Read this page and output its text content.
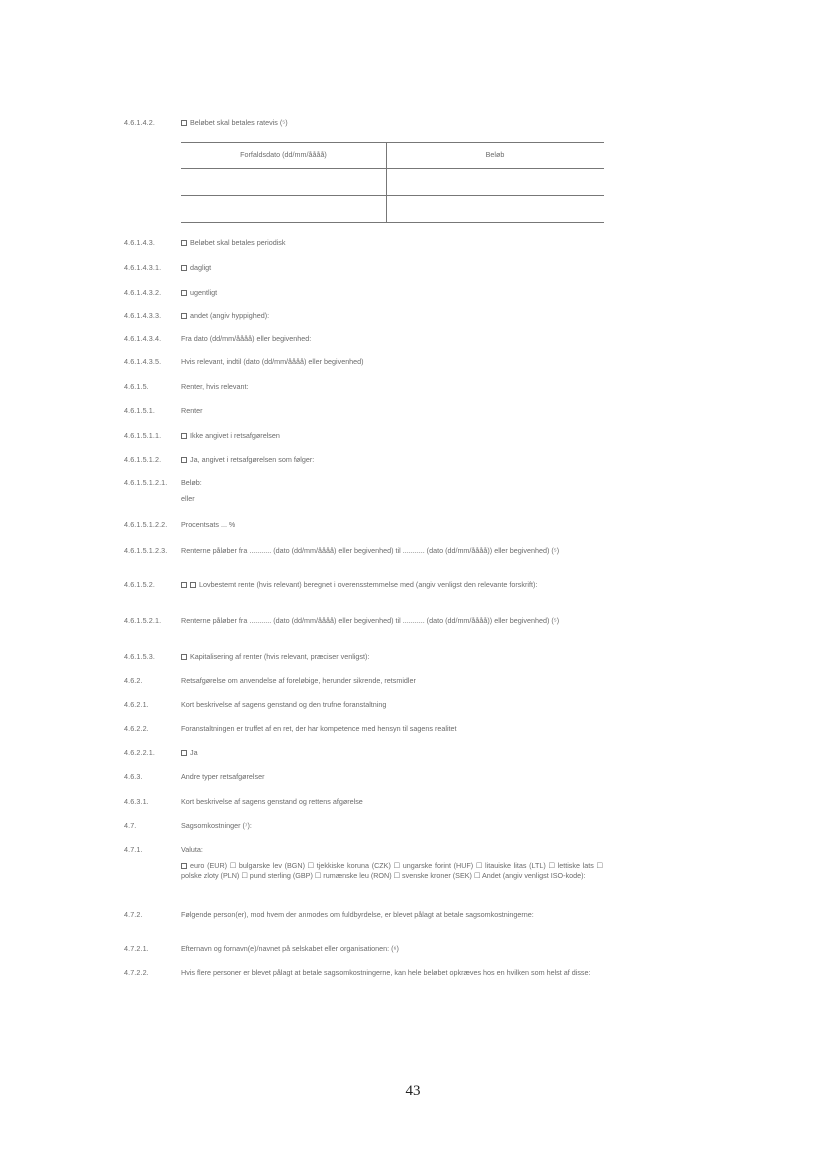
4.6.1.4.2.	Beløbet skal betales ratevis (⁵)
Forfaldsdato (dd/mm/åååå)	Beløb
4.6.1.4.3.	Beløbet skal betales periodisk
4.6.1.4.3.1.	dagligt
4.6.1.4.3.2.	ugentligt
4.6.1.4.3.3.	andet (angiv hyppighed):
4.6.1.4.3.4.	Fra dato (dd/mm/åååå) eller begivenhed:
4.6.1.4.3.5.	Hvis relevant, indtil (dato (dd/mm/åååå) eller begivenhed)
4.6.1.5.	Renter, hvis relevant:
4.6.1.5.1.	Renter
4.6.1.5.1.1.	Ikke angivet i retsafgørelsen
4.6.1.5.1.2.	Ja, angivet i retsafgørelsen som følger:
4.6.1.5.1.2.1. Beløb:
eller
4.6.1.5.1.2.2. Procentsats ... %
4.6.1.5.1.2.3. Renterne påløber fra ........... (dato (dd/mm/åååå) eller begivenhed) til ........... (dato (dd/mm/åååå)) eller begivenhed) (⁵)
4.6.1.5.2.	Lovbestemt rente (hvis relevant) beregnet i overensstemmelse med (angiv venligst den relevante forskrift):
4.6.1.5.2.1.	Renterne påløber fra ........... (dato (dd/mm/åååå) eller begivenhed) til ........... (dato (dd/mm/åååå)) eller begivenhed) (⁵)
4.6.1.5.3.	Kapitalisering af renter (hvis relevant, præciser venligst):
4.6.2.	Retsafgørelse om anvendelse af foreløbige, herunder sikrende, retsmidler
4.6.2.1.	Kort beskrivelse af sagens genstand og den trufne foranstaltning
4.6.2.2.	Foranstaltningen er truffet af en ret, der har kompetence med hensyn til sagens realitet
4.6.2.2.1.	Ja
4.6.3.	Andre typer retsafgørelser
4.6.3.1.	Kort beskrivelse af sagens genstand og rettens afgørelse
4.7.	Sagsomkostninger (⁷):
4.7.1.	Valuta:
euro (EUR) ☐ bulgarske lev (BGN) ☐ tjekkiske koruna (CZK) ☐ ungarske forint (HUF) ☐ litauiske litas (LTL) ☐ lettiske lats ☐ polske zloty (PLN) ☐ pund sterling (GBP) ☐ rumænske leu (RON) ☐ svenske kroner (SEK) ☐ Andet (angiv venligst ISO-kode):
4.7.2.	Følgende person(er), mod hvem der anmodes om fuldbyrdelse, er blevet pålagt at betale sagsomkostningerne:
4.7.2.1.	Efternavn og fornavn(e)/navnet på selskabet eller organisationen: (⁶)
4.7.2.2.	Hvis flere personer er blevet pålagt at betale sagsomkostningerne, kan hele beløbet opkræves hos en hvilken som helst af disse:
43
